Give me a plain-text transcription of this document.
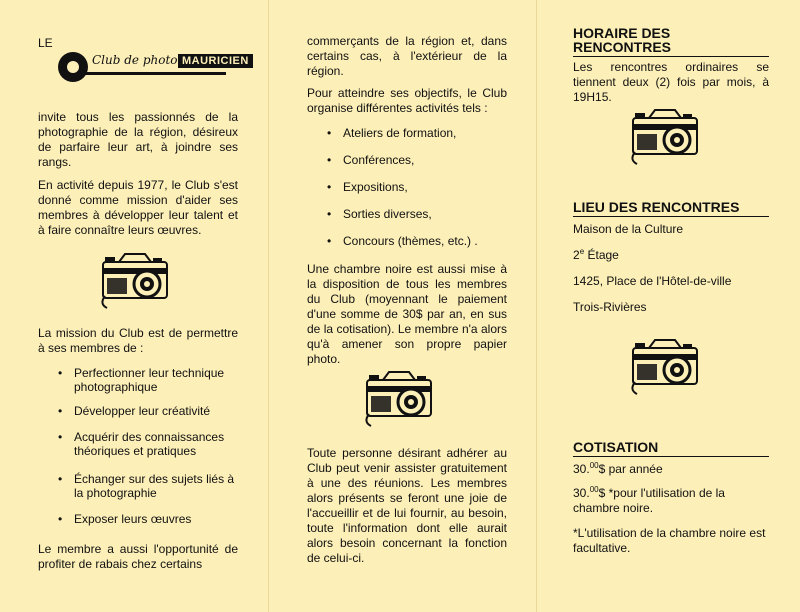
LE
Club de photo MAURICIEN

invite tous les passionnés de la photographie de la région, désireux de parfaire leur art, à joindre ses rangs.

En activité depuis 1977, le Club s'est donné comme mission d'aider ses membres à développer leur talent et à faire connaître leurs œuvres.

La mission du Club est de permettre à ses membres de :

• Perfectionner leur technique photographique
• Développer leur créativité
• Acquérir des connaissances théoriques et pratiques
• Échanger sur des sujets liés à la photographie
• Exposer leurs œuvres

Le membre a aussi l'opportunité de profiter de rabais chez certains

commerçants de la région et, dans certains cas, à l'extérieur de la région.

Pour atteindre ses objectifs, le Club organise différentes activités tels :

• Ateliers de formation,
• Conférences,
• Expositions,
• Sorties diverses,
• Concours (thèmes, etc.) .

Une chambre noire est aussi mise à la disposition de tous les membres du Club (moyennant le paiement d'une somme de 30$ par an, en sus de la cotisation). Le membre n'a alors qu'à amener son propre papier photo.

Toute personne désirant adhérer au Club peut venir assister gratuitement à une des réunions. Les membres alors présents se feront une joie de l'accueillir et de lui fournir, au besoin, toute l'information dont elle aurait alors besoin concernant la fonction de celui-ci.

HORAIRE DES
RENCONTRES

Les rencontres ordinaires se tiennent deux (2) fois par mois, à 19H15.

LIEU DES RENCONTRES

Maison de la Culture

2e Étage

1425, Place de l'Hôtel-de-ville

Trois-Rivières

COTISATION

30.00$ par année

30.00$ *pour l'utilisation de la chambre noire.

*L'utilisation de la chambre noire est facultative.
